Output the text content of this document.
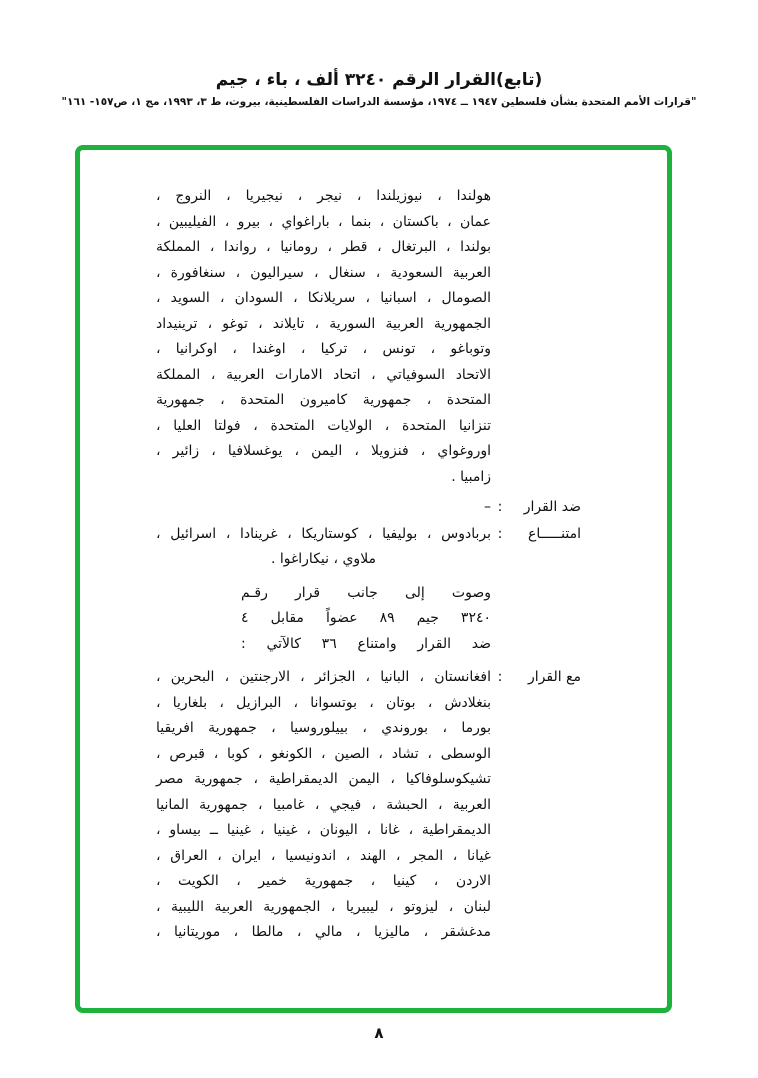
(تابع)القرار الرقم ٣٢٤٠ ألف ، باء ، جيم
"قرارات الأمم المتحدة بشأن فلسطين ١٩٤٧ ــ ١٩٧٤، مؤسسة الدراسات الفلسطينية، بيروت، ط ٣، ١٩٩٣، مج ١، ص١٥٧- ١٦١"
هولندا ، نيوزيلندا ، نيجر ، نيجيريا ، النروج ،
عمان ، باكستان ، بنما ، باراغواي ، بيرو ، الفيليبين ،
بولندا ، البرتغال ، قطر ، رومانيا ، رواندا ، المملكة
العربية السعودية ، سنغال ، سيراليون ، سنغافورة ،
الصومال ، اسبانيا ، سريلانكا ، السودان ، السويد ،
الجمهورية العربية السورية ، تايلاند ، توغو ، ترينيداد
وتوباغو ، تونس ، تركيا ، اوغندا ، اوكرانيا ،
الاتحاد السوفياتي ، اتحاد الامارات العربية ، المملكة
المتحدة ، جمهورية كاميرون المتحدة ، جمهورية
تنزانيا المتحدة ، الولايات المتحدة ، فولتا العليا ،
اوروغواي ، فنزويلا ، اليمن ، يوغسلافيا ، زائير ،
زامبيا .
ضد القرار
:
–
امتنـــــاع
:
بربادوس ، بوليفيا ، كوستاريكا ، غرينادا ، اسرائيل ،
ملاوي ، نيكاراغوا .
وصوت إلى جانب قرار رقـم
٣٢٤٠ جيم ٨٩ عضواً مقابل ٤
ضد القرار وامتناع ٣٦ كالآتي :
مع القرار
:
افغانستان ، البانيا ، الجزائر ، الارجنتين ، البحرين ،
بنغلادش ، بوتان ، بوتسوانا ، البرازيل ، بلغاريا ،
بورما ، بوروندي ، بييلوروسيا ، جمهورية افريقيا
الوسطى ، تشاد ، الصين ، الكونغو ، كوبا ، قبرص ،
تشيكوسلوفاكيا ، اليمن الديمقراطية ، جمهورية مصر
العربية ، الحبشة ، فيجي ، غامبيا ، جمهورية المانيا
الديمقراطية ، غانا ، اليونان ، غينيا ، غينيا ــ بيساو ،
غيانا ، المجر ، الهند ، اندونيسيا ، ايران ، العراق ،
الاردن ، كينيا ، جمهورية خمير ، الكويت ،
لبنان ، ليزوتو ، ليبيريا ، الجمهورية العربية الليبية ،
مدغشقر ، ماليزيا ، مالي ، مالطا ، موريتانيا ،
٨
